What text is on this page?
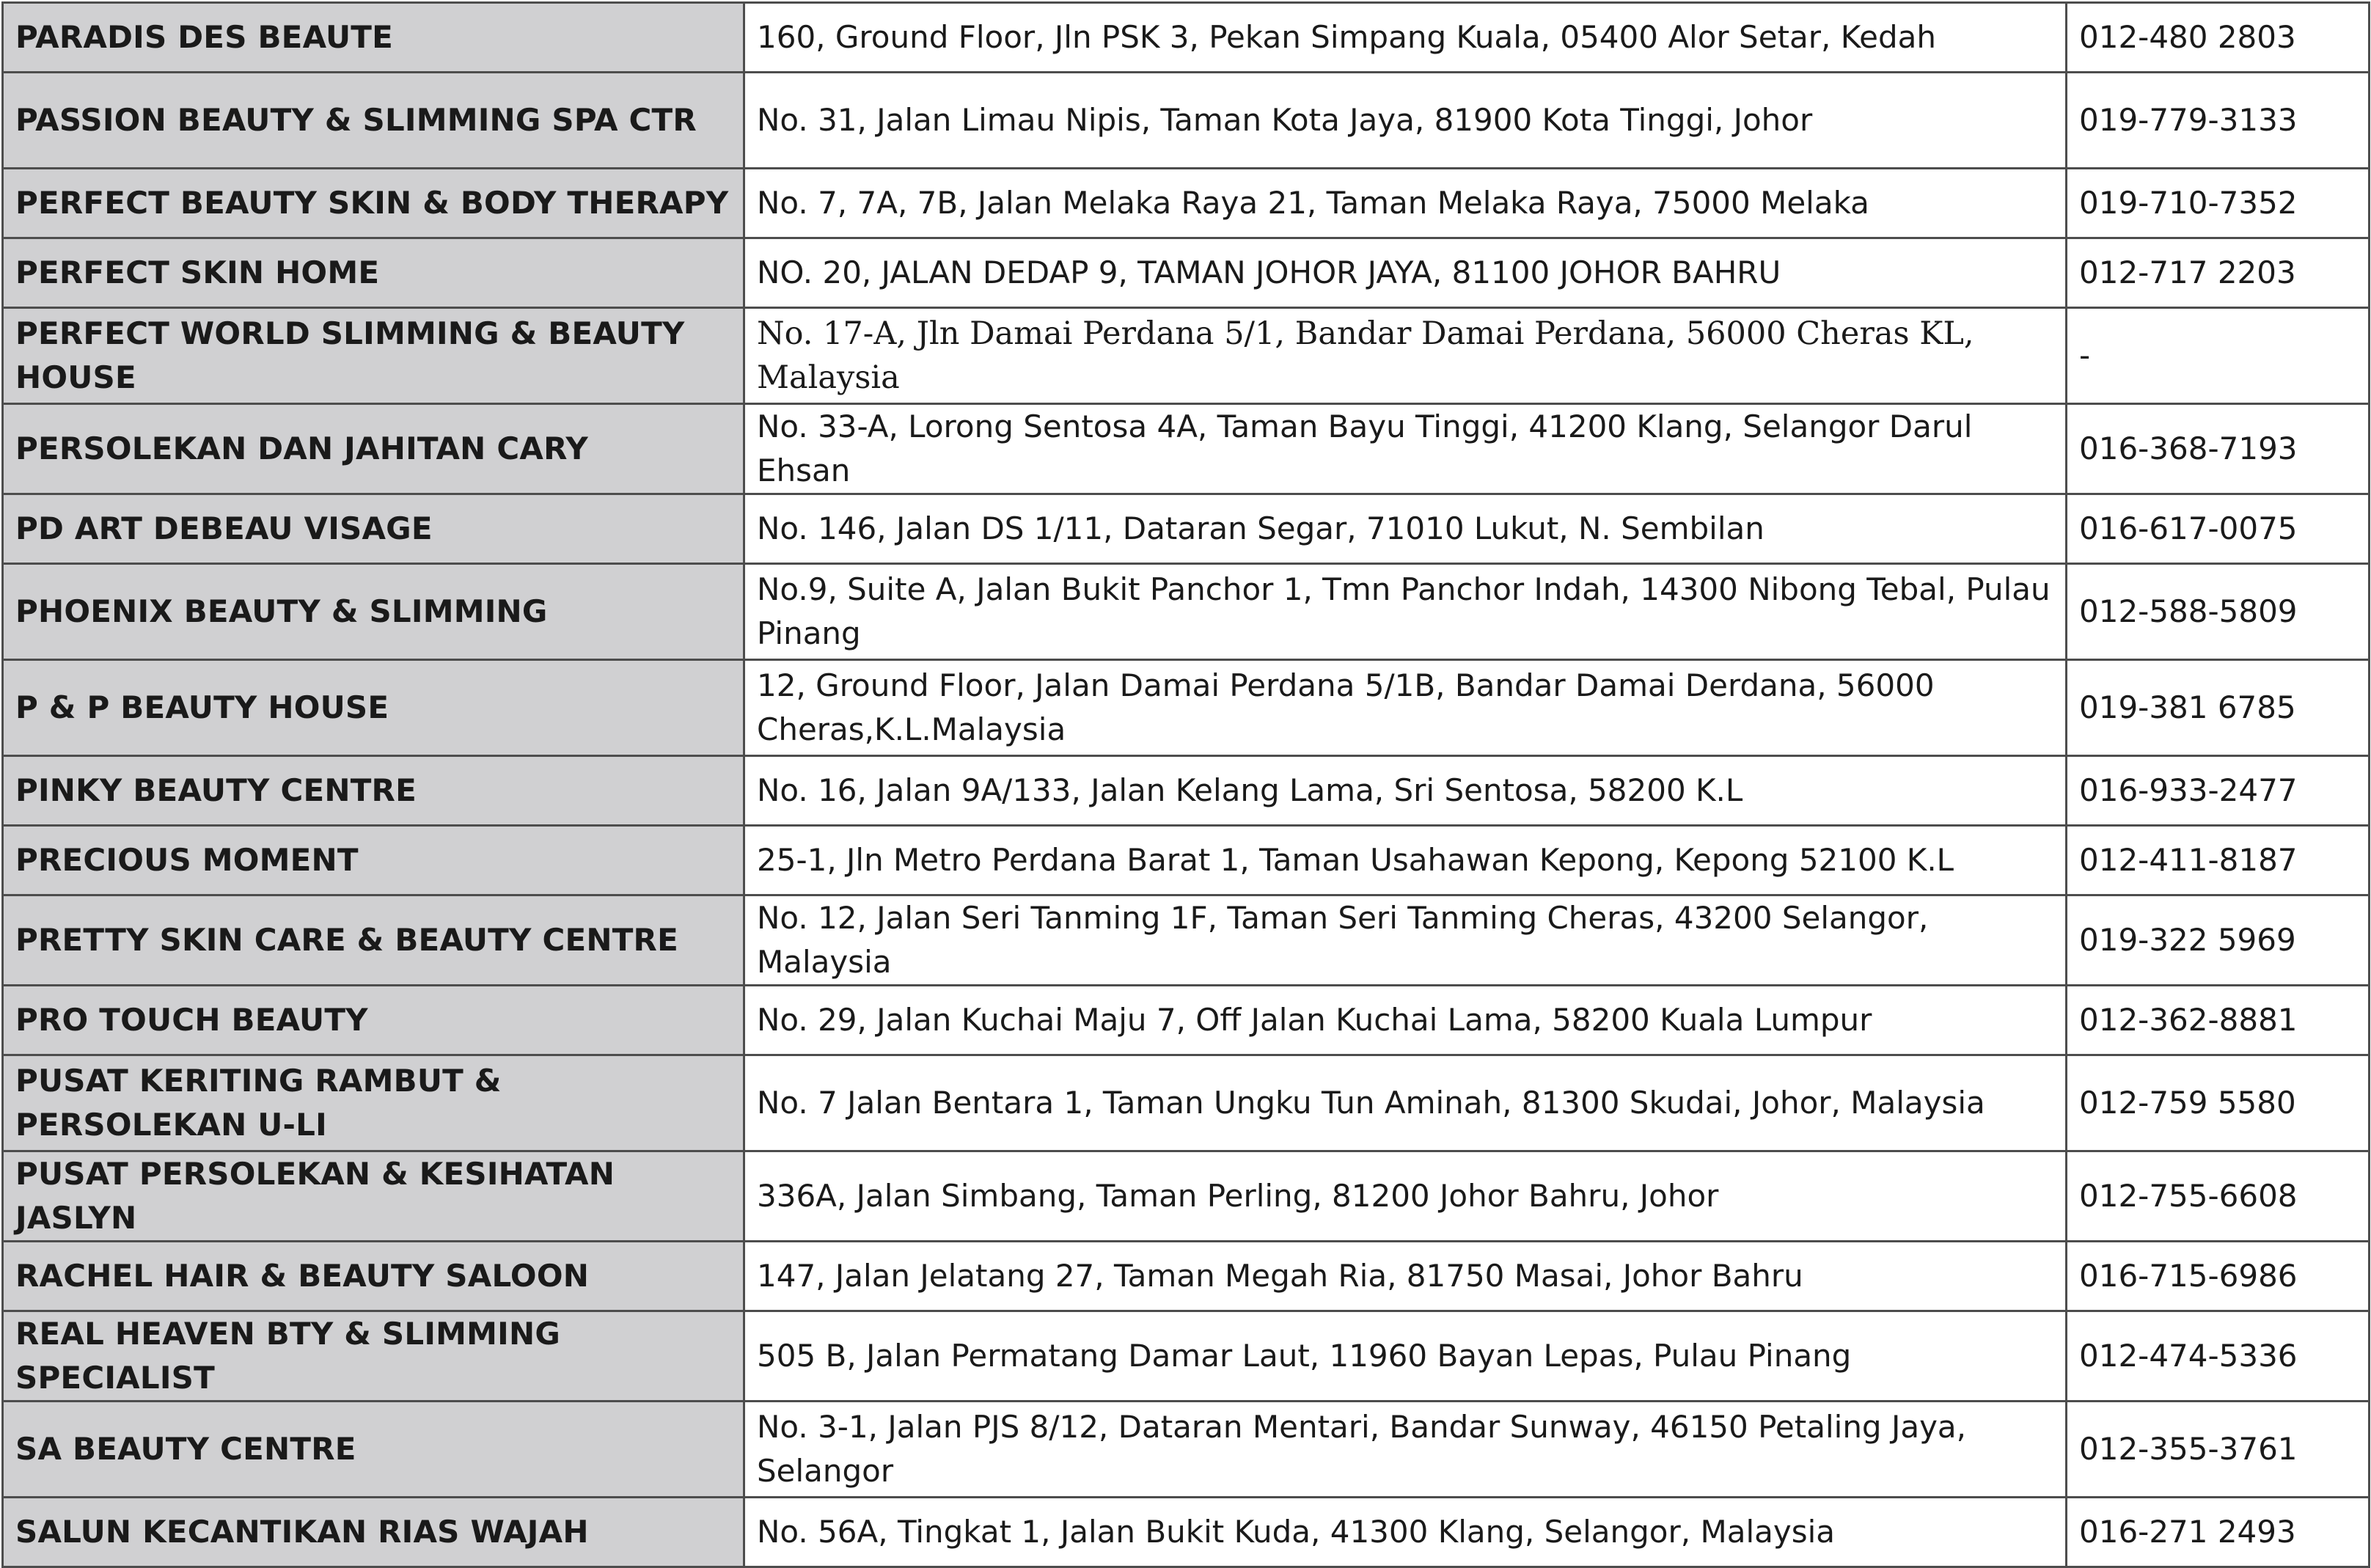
PARADIS DES BEAUTE	160, Ground Floor, Jln PSK 3, Pekan Simpang Kuala, 05400 Alor Setar, Kedah	012-480 2803
PASSION BEAUTY & SLIMMING SPA CTR	No. 31, Jalan Limau Nipis, Taman Kota Jaya, 81900 Kota Tinggi, Johor	019-779-3133
PERFECT BEAUTY SKIN & BODY THERAPY	No. 7, 7A, 7B, Jalan Melaka Raya 21, Taman Melaka Raya, 75000 Melaka	019-710-7352
PERFECT SKIN HOME	NO. 20, JALAN DEDAP 9, TAMAN JOHOR JAYA, 81100 JOHOR BAHRU	012-717 2203
PERFECT WORLD SLIMMING & BEAUTY HOUSE	No. 17-A, Jln Damai Perdana 5/1, Bandar Damai Perdana, 56000 Cheras KL, Malaysia	-
PERSOLEKAN DAN JAHITAN CARY	No. 33-A, Lorong Sentosa 4A, Taman Bayu Tinggi, 41200 Klang, Selangor Darul Ehsan	016-368-7193
PD ART DEBEAU VISAGE	No. 146, Jalan DS 1/11, Dataran Segar, 71010 Lukut, N. Sembilan	016-617-0075
PHOENIX BEAUTY & SLIMMING	No.9, Suite A, Jalan Bukit Panchor 1, Tmn Panchor Indah, 14300 Nibong Tebal, Pulau Pinang	012-588-5809
P & P BEAUTY HOUSE	12, Ground Floor, Jalan Damai Perdana 5/1B, Bandar Damai Derdana, 56000 Cheras,K.L.Malaysia	019-381 6785
PINKY BEAUTY CENTRE	No. 16, Jalan 9A/133, Jalan Kelang Lama, Sri Sentosa, 58200 K.L	016-933-2477
PRECIOUS MOMENT	25-1, Jln Metro Perdana Barat 1, Taman Usahawan Kepong, Kepong 52100 K.L	012-411-8187
PRETTY SKIN CARE & BEAUTY CENTRE	No. 12, Jalan Seri Tanming 1F, Taman Seri Tanming Cheras, 43200 Selangor, Malaysia	019-322 5969
PRO TOUCH BEAUTY	No. 29, Jalan Kuchai Maju 7, Off Jalan Kuchai Lama, 58200 Kuala Lumpur	012-362-8881
PUSAT KERITING RAMBUT & PERSOLEKAN U-LI	No. 7 Jalan Bentara 1, Taman Ungku Tun Aminah, 81300 Skudai, Johor, Malaysia	012-759 5580
PUSAT PERSOLEKAN & KESIHATAN JASLYN	336A, Jalan Simbang, Taman Perling, 81200 Johor Bahru, Johor	012-755-6608
RACHEL HAIR & BEAUTY SALOON	147, Jalan Jelatang 27, Taman Megah Ria, 81750 Masai, Johor Bahru	016-715-6986
REAL HEAVEN BTY & SLIMMING SPECIALIST	505 B, Jalan Permatang Damar Laut, 11960 Bayan Lepas, Pulau Pinang	012-474-5336
SA BEAUTY CENTRE	No. 3-1, Jalan PJS 8/12, Dataran Mentari, Bandar Sunway, 46150 Petaling Jaya, Selangor	012-355-3761
SALUN KECANTIKAN RIAS WAJAH	No. 56A, Tingkat 1, Jalan Bukit Kuda, 41300 Klang, Selangor, Malaysia	016-271 2493
